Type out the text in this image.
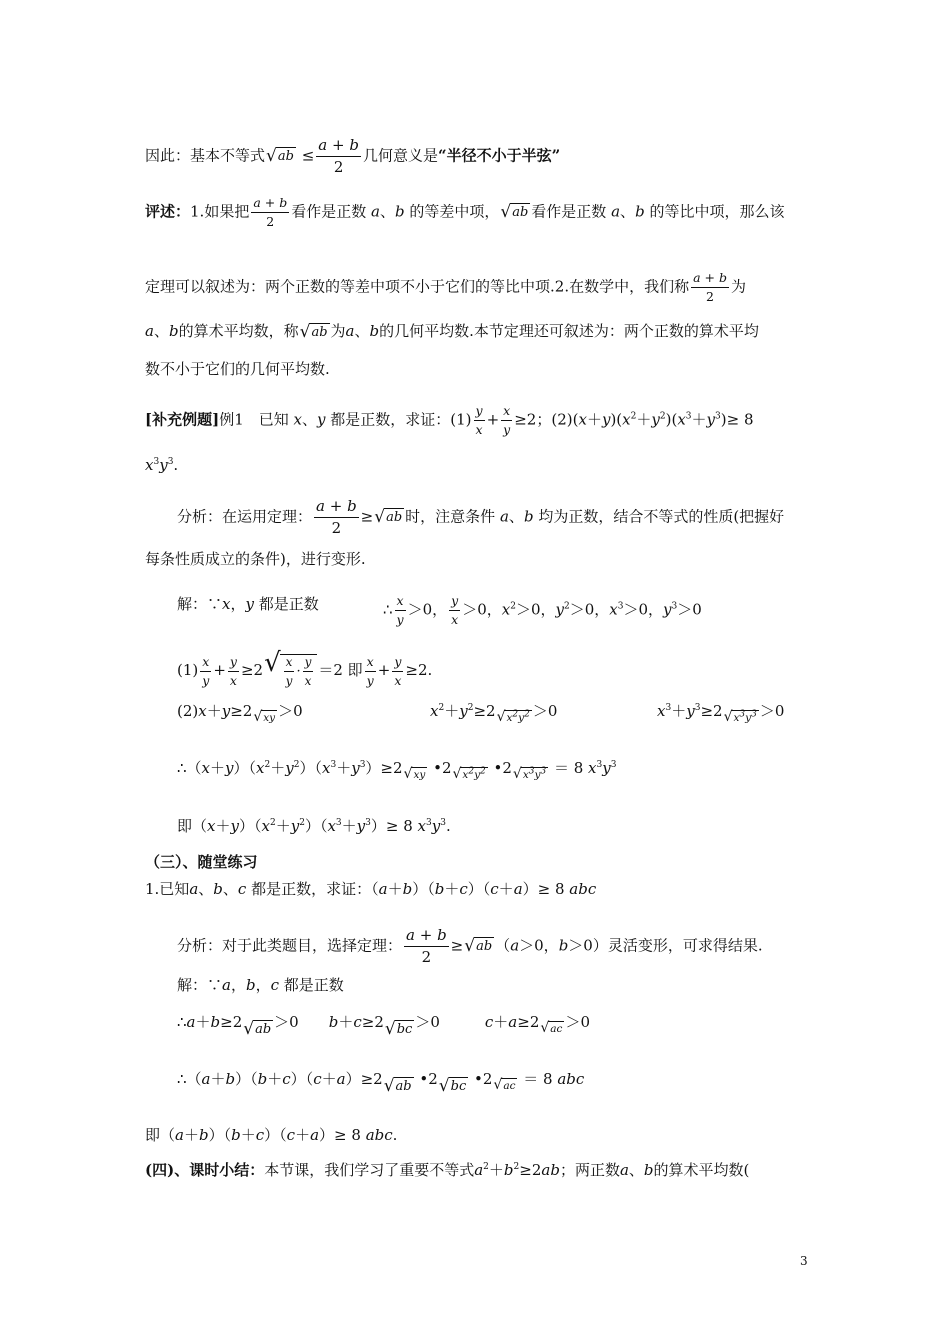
因此：基本不等式 √ ab ≤ $\frac{a + b}{2}$ 几何意义是“半径不小于半弦”
评述：1.如果把 $\frac{a + b}{2}$ 看作是正数 a、b 的等差中项， √ ab 看作是正数 a、b 的等比中项，那么该
定理可以叙述为：两个正数的等差中项不小于它们的等比中项.2.在数学中，我们称 $\frac{a + b}{2}$ 为
a、b的算术平均数，称 √ ab 为a、b的几何平均数.本节定理还可叙述为：两个正数的算术平均
数不小于它们的几何平均数.
[补充例题]例1　已知 x、y 都是正数，求证：$(1) \frac{y}{x} + \frac{x}{y} \ge 2$；$(2)(x+y)(x^2+y^2)(x^3+y^3)\ge 8$
$x^3y^3$.
分析：在运用定理： $\frac{a + b}{2}$ ≥ √ ab 时，注意条件 a、b 均为正数，结合不等式的性质(把握好
每条性质成立的条件)，进行变形.
解：∵x，y 都是正数	∴ $\frac{x}{y} >0$， $\frac{y}{x} >0$，$x^2>0$，$y^2>0$，$x^3>0$，$y^3>0$
$(1) \frac{x}{y} + \frac{y}{x} \ge 2$ √ $\frac{x}{y} \cdot \frac{y}{x} =2$ 即 $\frac{x}{y} + \frac{y}{x} \ge 2$.
(2)x＋y≥2 √ xy ＞0	$x^2+y^2\ge 2$ √ $x^2y^2 >0$	$x^3+y^3\ge 2$ √ $x^3y^3 >0$
$\therefore(x+y)(x^2+y^2)(x^3+y^3)\ge 2$ √ xy •2 √ $x^2y^2$ •2 √ $x^3y^3 = 8$ $x^3y^3$
即$(x+y)(x^2+y^2)(x^3+y^3)\ge 8$ $x^3y^3$.
（三）、随堂练习
1.已知a、b、c 都是正数，求证：（a＋b）（b＋c）（c＋a）≥ 8 abc
分析：对于此类题目，选择定理： $\frac{a + b}{2}$ ≥ √ ab （a＞0，b＞0）灵活变形，可求得结果.
解：∵a，b，c 都是正数
∴a＋b≥2 √ ab ＞0　　b＋c≥2 √ bc ＞0　　　c＋a≥2 √ ac ＞0
∴（a＋b）（b＋c）（c＋a）≥2 √ ab •2 √ bc •2 √ ac ＝ 8 abc
即（a＋b）（b＋c）（c＋a）≥ 8 abc.
(四)、课时小结：本节课，我们学习了重要不等式$a^2+b^2\ge 2ab$；两正数a、b的算术平均数(
3
